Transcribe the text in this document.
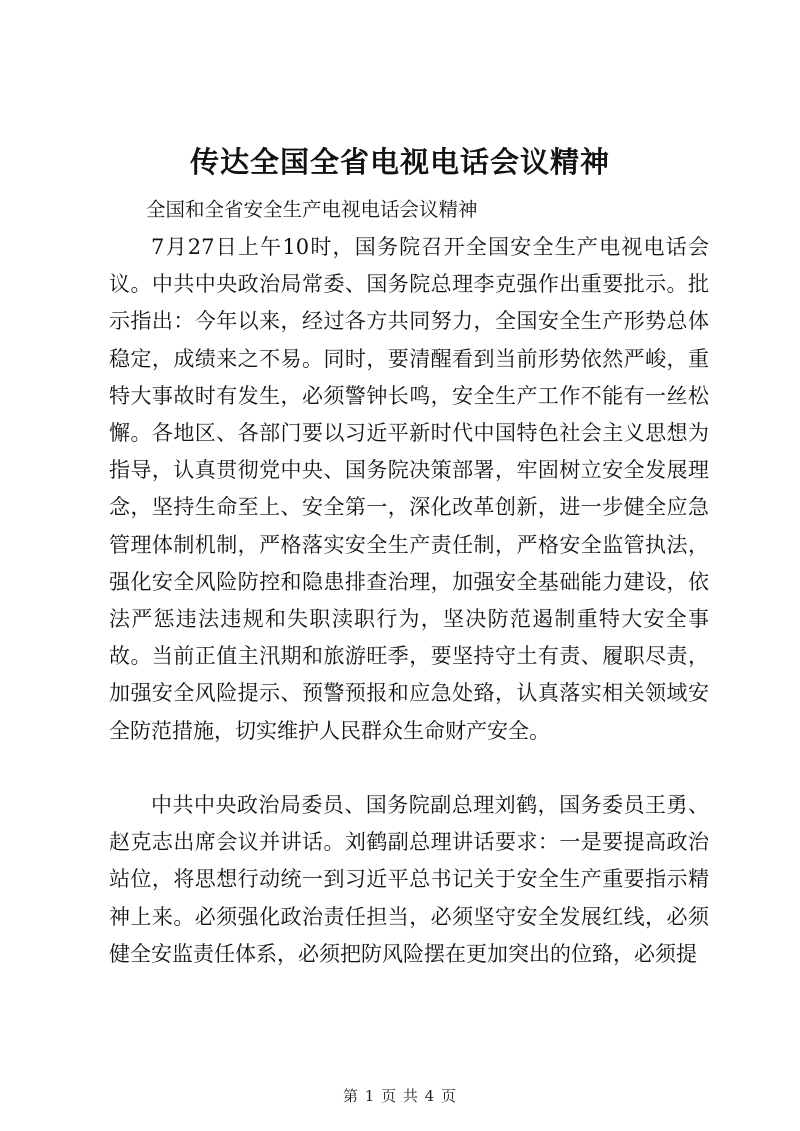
传达全国全省电视电话会议精神
全国和全省安全生产电视电话会议精神

7月27日上午10时，国务院召开全国安全生产电视电话会议。中共中央政治局常委、国务院总理李克强作出重要批示。批示指出：今年以来，经过各方共同努力，全国安全生产形势总体稳定，成绩来之不易。同时，要清醒看到当前形势依然严峻，重特大事故时有发生，必须警钟长鸣，安全生产工作不能有一丝松懈。各地区、各部门要以习近平新时代中国特色社会主义思想为指导，认真贯彻党中央、国务院决策部署，牢固树立安全发展理念，坚持生命至上、安全第一，深化改革创新，进一步健全应急管理体制机制，严格落实安全生产责任制，严格安全监管执法，强化安全风险防控和隐患排查治理，加强安全基础能力建设，依法严惩违法违规和失职渎职行为，坚决防范遏制重特大安全事故。当前正值主汛期和旅游旺季，要坚持守土有责、履职尽责，加强安全风险提示、预警预报和应急处臵，认真落实相关领域安全防范措施，切实维护人民群众生命财产安全。

中共中央政治局委员、国务院副总理刘鹤，国务委员王勇、赵克志出席会议并讲话。刘鹤副总理讲话要求：一是要提高政治站位，将思想行动统一到习近平总书记关于安全生产重要指示精神上来。必须强化政治责任担当，必须坚守安全发展红线，必须健全安监责任体系，必须把防风险摆在更加突出的位臵，必须提

第 1 页 共 4 页
